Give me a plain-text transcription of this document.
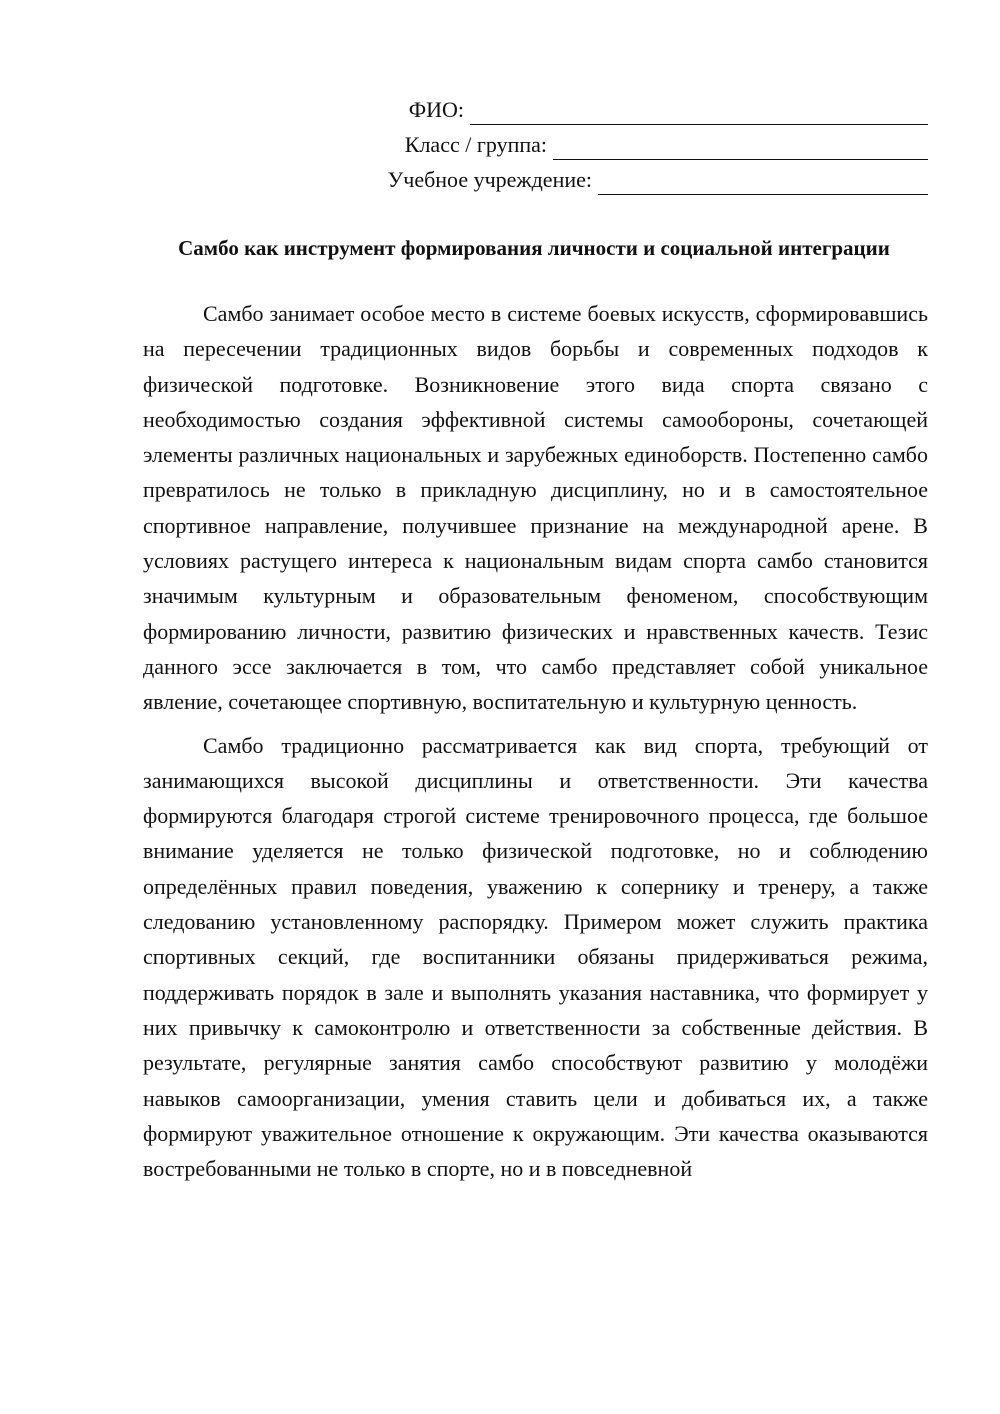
ФИО:
Класс / группа:
Учебное учреждение:
Самбо как инструмент формирования личности и социальной интеграции

Самбо занимает особое место в системе боевых искусств, сформировавшись на пересечении традиционных видов борьбы и современных подходов к физической подготовке. Возникновение этого вида спорта связано с необходимостью создания эффективной системы самообороны, сочетающей элементы различных национальных и зарубежных единоборств. Постепенно самбо превратилось не только в прикладную дисциплину, но и в самостоятельное спортивное направление, получившее признание на международной арене. В условиях растущего интереса к национальным видам спорта самбо становится значимым культурным и образовательным феноменом, способствующим формированию личности, развитию физических и нравственных качеств. Тезис данного эссе заключается в том, что самбо представляет собой уникальное явление, сочетающее спортивную, воспитательную и культурную ценность.

Самбо традиционно рассматривается как вид спорта, требующий от занимающихся высокой дисциплины и ответственности. Эти качества формируются благодаря строгой системе тренировочного процесса, где большое внимание уделяется не только физической подготовке, но и соблюдению определённых правил поведения, уважению к сопернику и тренеру, а также следованию установленному распорядку. Примером может служить практика спортивных секций, где воспитанники обязаны придерживаться режима, поддерживать порядок в зале и выполнять указания наставника, что формирует у них привычку к самоконтролю и ответственности за собственные действия. В результате, регулярные занятия самбо способствуют развитию у молодёжи навыков самоорганизации, умения ставить цели и добиваться их, а также формируют уважительное отношение к окружающим. Эти качества оказываются востребованными не только в спорте, но и в повседневной
